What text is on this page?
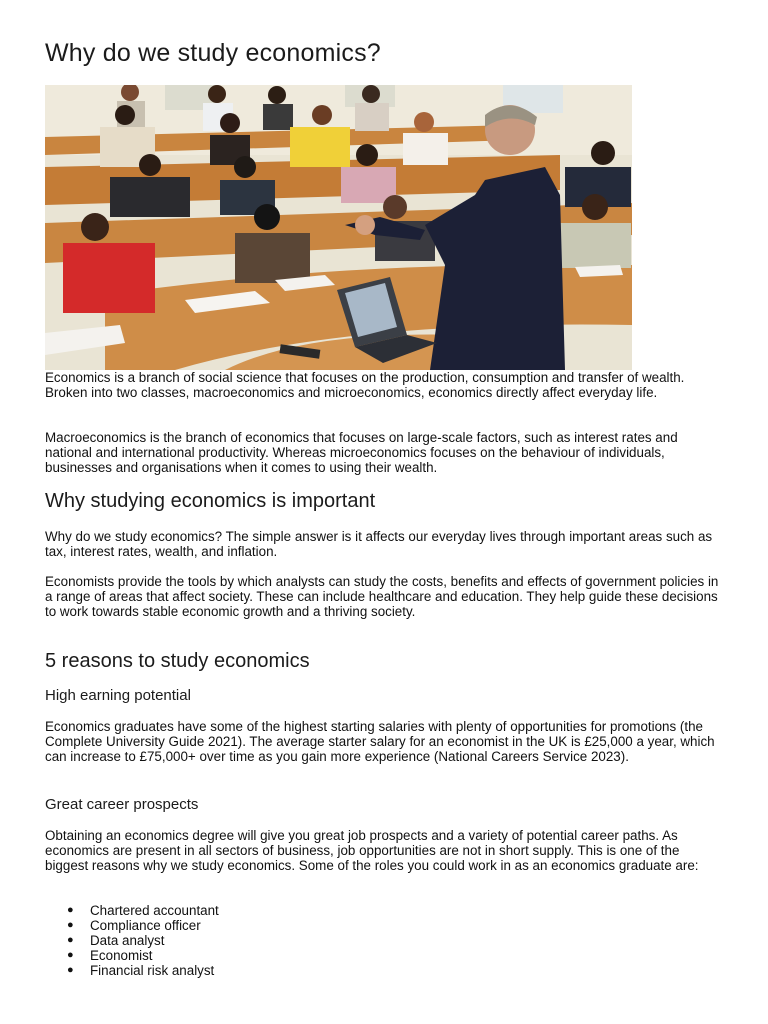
Why do we study economics?

Economics is a branch of social science that focuses on the production, consumption and transfer of wealth. Broken into two classes, macroeconomics and microeconomics, economics directly affect everyday life.

Macroeconomics is the branch of economics that focuses on large-scale factors, such as interest rates and national and international productivity. Whereas microeconomics focuses on the behaviour of individuals, businesses and organisations when it comes to using their wealth.

Why studying economics is important

Why do we study economics? The simple answer is it affects our everyday lives through important areas such as tax, interest rates, wealth, and inflation.

Economists provide the tools by which analysts can study the costs, benefits and effects of government policies in a range of areas that affect society. These can include healthcare and education. They help guide these decisions to work towards stable economic growth and a thriving society.

5 reasons to study economics
High earning potential

Economics graduates have some of the highest starting salaries with plenty of opportunities for promotions (the Complete University Guide 2021). The average starter salary for an economist in the UK is £25,000 a year, which can increase to £75,000+ over time as you gain more experience (National Careers Service 2023).

Great career prospects

Obtaining an economics degree will give you great job prospects and a variety of potential career paths. As economics are present in all sectors of business, job opportunities are not in short supply. This is one of the biggest reasons why we study economics. Some of the roles you could work in as an economics graduate are:

● Chartered accountant
● Compliance officer
● Data analyst
● Economist
● Financial risk analyst
